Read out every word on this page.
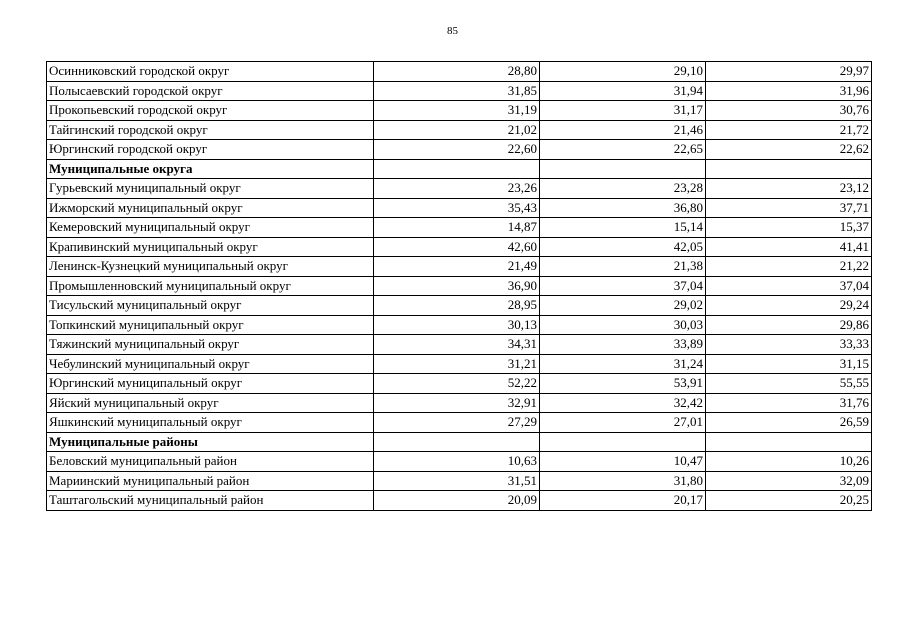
85
Осинниковский городской округ	28,80	29,10	29,97
Полысаевский городской округ	31,85	31,94	31,96
Прокопьевский городской округ	31,19	31,17	30,76
Тайгинский городской округ	21,02	21,46	21,72
Юргинский городской округ	22,60	22,65	22,62
Муниципальные округа			
Гурьевский муниципальный округ	23,26	23,28	23,12
Ижморский муниципальный округ	35,43	36,80	37,71
Кемеровский муниципальный округ	14,87	15,14	15,37
Крапивинский муниципальный округ	42,60	42,05	41,41
Ленинск-Кузнецкий муниципальный округ	21,49	21,38	21,22
Промышленновский муниципальный округ	36,90	37,04	37,04
Тисульский муниципальный округ	28,95	29,02	29,24
Топкинский муниципальный округ	30,13	30,03	29,86
Тяжинский муниципальный округ	34,31	33,89	33,33
Чебулинский муниципальный округ	31,21	31,24	31,15
Юргинский муниципальный округ	52,22	53,91	55,55
Яйский муниципальный округ	32,91	32,42	31,76
Яшкинский муниципальный округ	27,29	27,01	26,59
Муниципальные районы			
Беловский муниципальный район	10,63	10,47	10,26
Мариинский муниципальный район	31,51	31,80	32,09
Таштагольский муниципальный район	20,09	20,17	20,25
